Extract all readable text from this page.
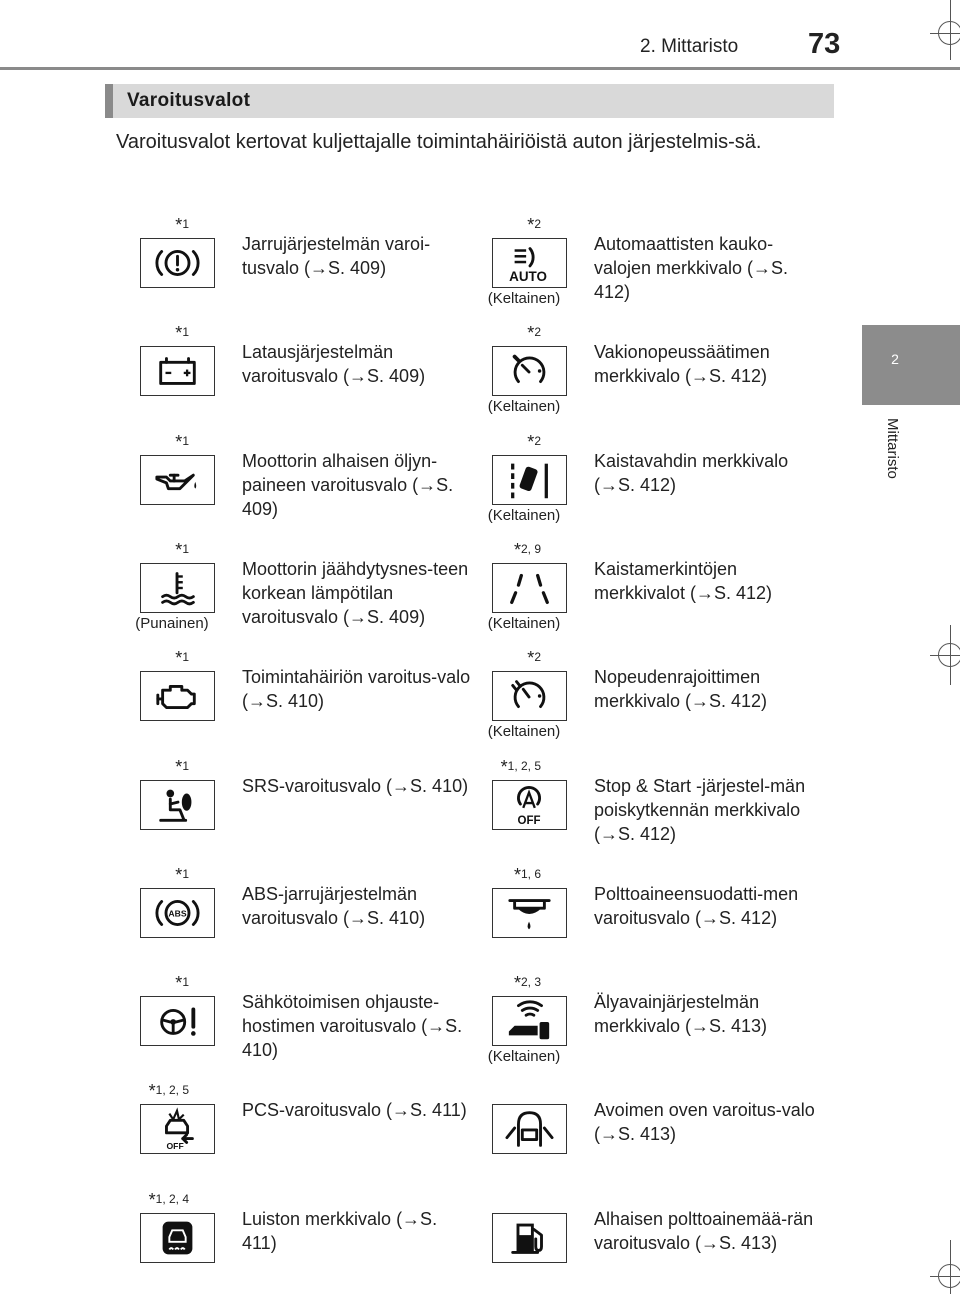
2. Mittaristo 73
2
Mittaristo
Varoitusvalot

Varoitusvalot kertovat kuljettajalle toimintahäiriöistä auton järjestelmis-sä.

*1
Jarrujärjestelmän varoi-tusvalo (→S. 409)
*1
Latausjärjestelmän varoitusvalo (→S. 409)
*1
Moottorin alhaisen öljyn-paineen varoitusvalo (→S. 409)
*1
(Punainen)
Moottorin jäähdytysnes-teen korkean lämpötilan varoitusvalo (→S. 409)
*1
Toimintahäiriön varoitus-valo (→S. 410)
*1
SRS-varoitusvalo (→S. 410)
*1
ABS
ABS-jarrujärjestelmän varoitusvalo (→S. 410)
*1
Sähkötoimisen ohjauste-hostimen varoitusvalo (→S. 410)
*1, 2, 5
OFF
PCS-varoitusvalo (→S. 411)
*1, 2, 4
Luiston merkkivalo (→S. 411)
*2
AUTO
(Keltainen)
Automaattisten kauko-valojen merkkivalo (→S. 412)
*2
(Keltainen)
Vakionopeussäätimen merkkivalo (→S. 412)
*2
(Keltainen)
Kaistavahdin merkkivalo (→S. 412)
*2, 9
(Keltainen)
Kaistamerkintöjen merkkivalot (→S. 412)
*2
(Keltainen)
Nopeudenrajoittimen merkkivalo (→S. 412)
*1, 2, 5
OFF
Stop & Start -järjestel-män poiskytkennän merkkivalo (→S. 412)
*1, 6
Polttoaineensuodatti-men varoitusvalo (→S. 412)
*2, 3
(Keltainen)
Älyavainjärjestelmän merkkivalo (→S. 413)
Avoimen oven varoitus-valo (→S. 413)
Alhaisen polttoainemää-rän varoitusvalo (→S. 413)
